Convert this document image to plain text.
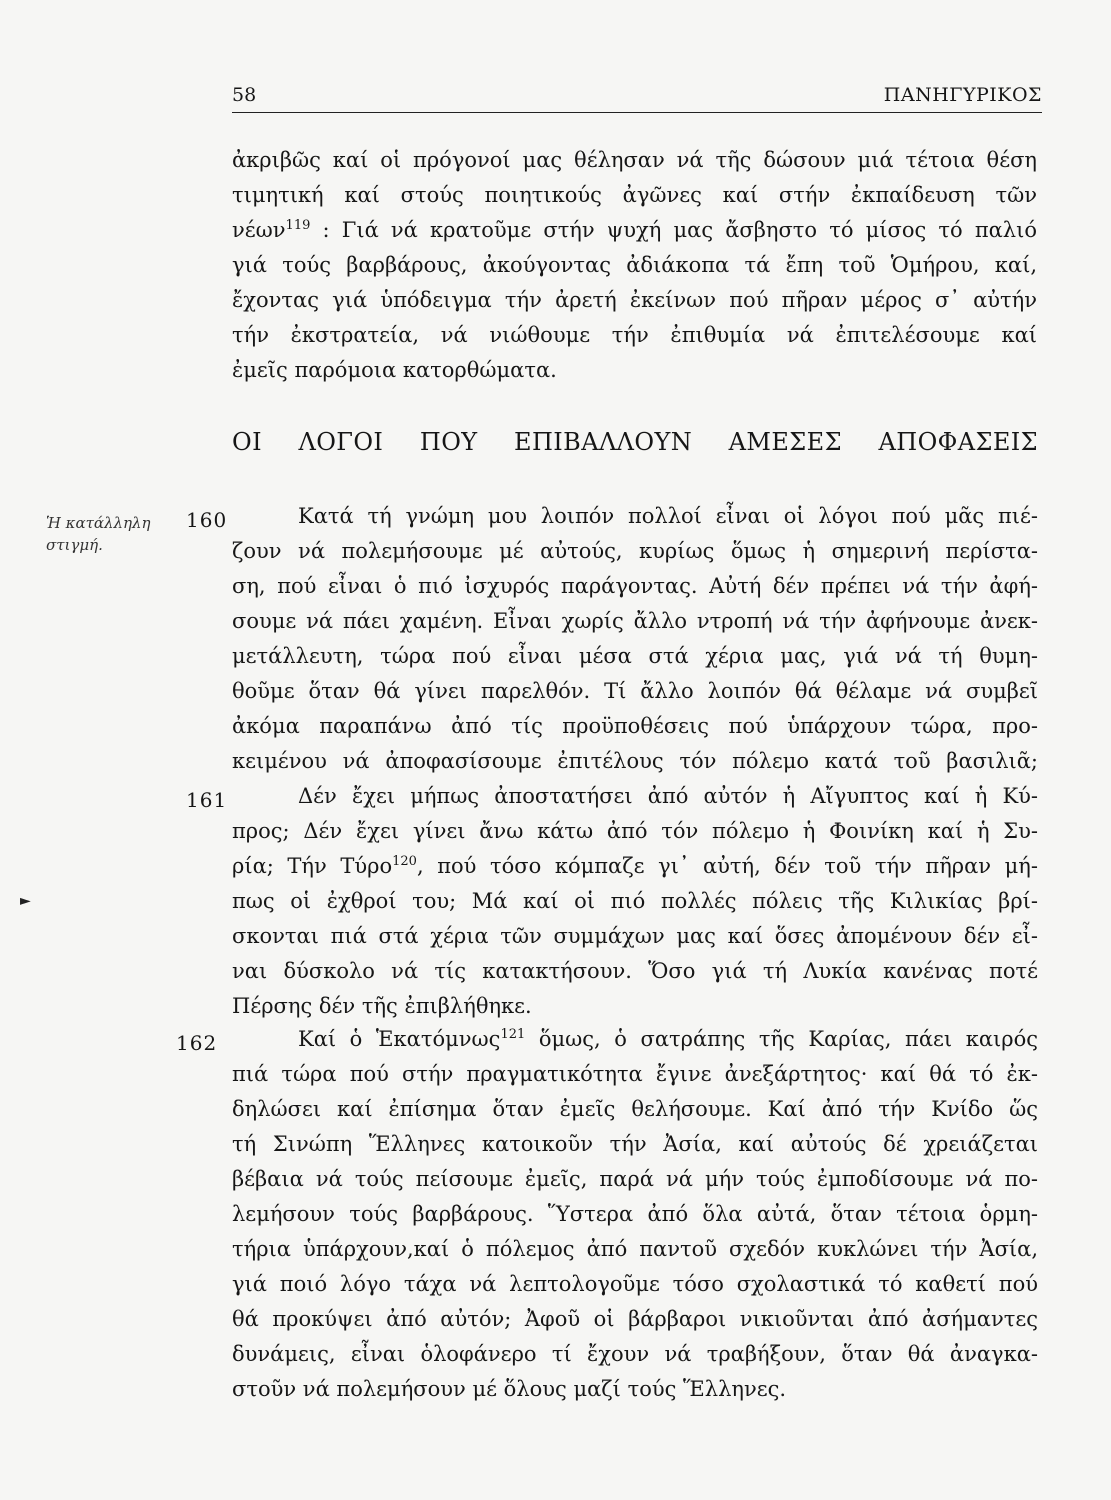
58	ΠΑΝΗΓΥΡΙΚΟΣ
ἀκριβῶς καί οἱ πρόγονοί μας θέλησαν νά τῆς δώσουν μιά τέτοια θέση
τιμητική καί στούς ποιητικούς ἀγῶνες καί στήν ἐκπαίδευση τῶν
νέων$^{119}$ : Γιά νά κρατοῦμε στήν ψυχή μας ἄσβηστο τό μίσος τό παλιό
γιά τούς βαρβάρους, ἀκούγοντας ἀδιάκοπα τά ἔπη τοῦ Ὁμήρου, καί,
ἔχοντας γιά ὑπόδειγμα τήν ἀρετή ἐκείνων πού πῆραν μέρος σ᾽ αὐτήν
τήν ἐκστρατεία, νά νιώθουμε τήν ἐπιθυμία νά ἐπιτελέσουμε καί
ἐμεῖς παρόμοια κατορθώματα.
ΟΙ ΛΟΓΟΙ ΠΟΥ ΕΠΙΒΑΛΛΟΥΝ ΑΜΕΣΕΣ ΑΠΟΦΑΣΕΙΣ
Ἡ κατάλληλη
στιγμή.
160
161
162
►
Κατά τή γνώμη μου λοιπόν πολλοί εἶναι οἱ λόγοι πού μᾶς πιέ-
ζουν νά πολεμήσουμε μέ αὐτούς, κυρίως ὅμως ἡ σημερινή περίστα-
ση, πού εἶναι ὁ πιό ἰσχυρός παράγοντας. Αὐτή δέν πρέπει νά τήν ἀφή-
σουμε νά πάει χαμένη. Εἶναι χωρίς ἄλλο ντροπή νά τήν ἀφήνουμε ἀνεκ-
μετάλλευτη, τώρα πού εἶναι μέσα στά χέρια μας, γιά νά τή θυμη-
θοῦμε ὅταν θά γίνει παρελθόν. Τί ἄλλο λοιπόν θά θέλαμε νά συμβεῖ
ἀκόμα παραπάνω ἀπό τίς προϋποθέσεις πού ὑπάρχουν τώρα, προ-
κειμένου νά ἀποφασίσουμε ἐπιτέλους τόν πόλεμο κατά τοῦ βασιλιᾶ;
Δέν ἔχει μήπως ἀποστατήσει ἀπό αὐτόν ἡ Αἴγυπτος καί ἡ Κύ-
προς; Δέν ἔχει γίνει ἄνω κάτω ἀπό τόν πόλεμο ἡ Φοινίκη καί ἡ Συ-
ρία; Τήν Τύρο$^{120}$, πού τόσο κόμπαζε γι᾽ αὐτή, δέν τοῦ τήν πῆραν μή-
πως οἱ ἐχθροί του; Μά καί οἱ πιό πολλές πόλεις τῆς Κιλικίας βρί-
σκονται πιά στά χέρια τῶν συμμάχων μας καί ὅσες ἀπομένουν δέν εἶ-
ναι δύσκολο νά τίς κατακτήσουν. Ὅσο γιά τή Λυκία κανένας ποτέ
Πέρσης δέν τῆς ἐπιβλήθηκε.
Καί ὁ Ἑκατόμνως$^{121}$ ὅμως, ὁ σατράπης τῆς Καρίας, πάει καιρός
πιά τώρα πού στήν πραγματικότητα ἔγινε ἀνεξάρτητος· καί θά τό ἐκ-
δηλώσει καί ἐπίσημα ὅταν ἐμεῖς θελήσουμε. Καί ἀπό τήν Κνίδο ὥς
τή Σινώπη Ἕλληνες κατοικοῦν τήν Ἀσία, καί αὐτούς δέ χρειάζεται
βέβαια νά τούς πείσουμε ἐμεῖς, παρά νά μήν τούς ἐμποδίσουμε νά πο-
λεμήσουν τούς βαρβάρους. Ὕστερα ἀπό ὅλα αὐτά, ὅταν τέτοια ὁρμη-
τήρια ὑπάρχουν,καί ὁ πόλεμος ἀπό παντοῦ σχεδόν κυκλώνει τήν Ἀσία,
γιά ποιό λόγο τάχα νά λεπτολογοῦμε τόσο σχολαστικά τό καθετί πού
θά προκύψει ἀπό αὐτόν; Ἀφοῦ οἱ βάρβαροι νικιοῦνται ἀπό ἀσήμαντες
δυνάμεις, εἶναι ὁλοφάνερο τί ἔχουν νά τραβήξουν, ὅταν θά ἀναγκα-
στοῦν νά πολεμήσουν μέ ὅλους μαζί τούς Ἕλληνες.
